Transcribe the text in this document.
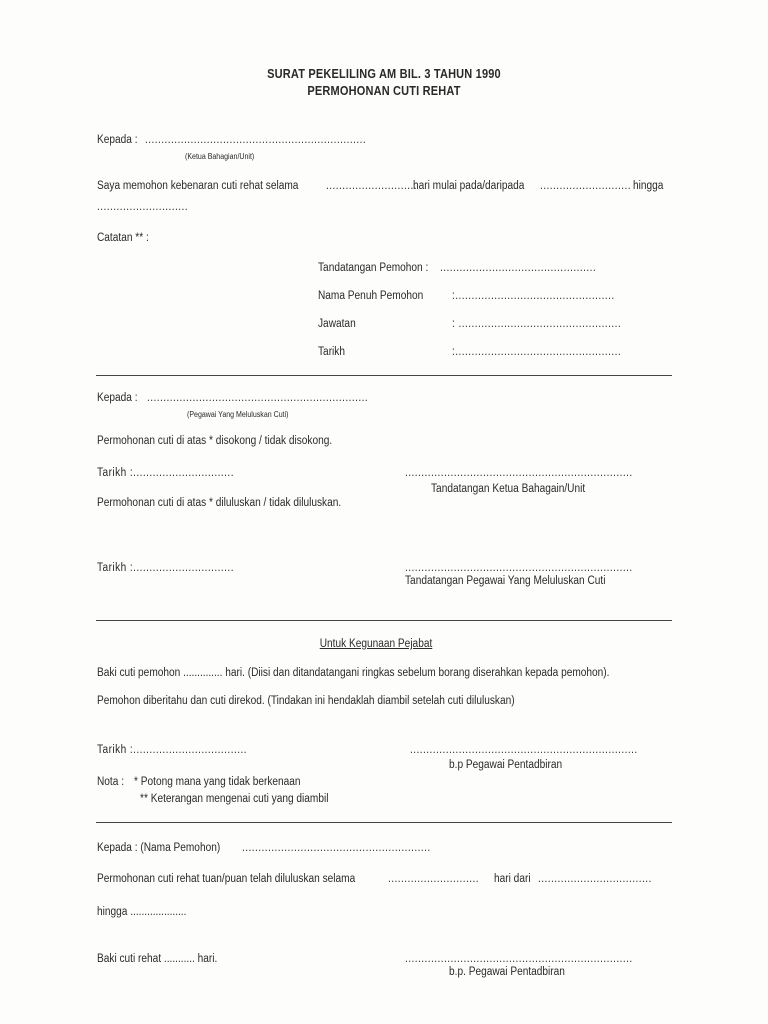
SURAT PEKELILING AM BIL. 3 TAHUN 1990
PERMOHONAN CUTI REHAT
Kepada : ....................................................................
(Ketua Bahagian/Unit)
Saya memohon kebenaran cuti rehat selama ............................
hari mulai pada/daripada ............................ hingga
............................
Catatan ** :
Tandatangan Pemohon : ................................................
Nama Penuh Pemohon	:.................................................
Jawatan	: ..................................................
Tarikh	:...................................................
Kepada : ....................................................................
(Pegawai Yang Meluluskan Cuti)
Permohonan cuti di atas * disokong / tidak disokong.
Tarikh :...............................	......................................................................
Tandatangan Ketua Bahagain/Unit
Permohonan cuti di atas * diluluskan / tidak diluluskan.
Tarikh :...............................	......................................................................
Tandatangan Pegawai Yang Meluluskan Cuti
Untuk Kegunaan Pejabat
Baki cuti pemohon .............. hari. (Diisi dan ditandatangani ringkas sebelum borang diserahkan kepada pemohon).
Pemohon diberitahu dan cuti direkod. (Tindakan ini hendaklah diambil setelah cuti diluluskan)
Tarikh :...................................	......................................................................
b.p Pegawai Pentadbiran
Nota : * Potong mana yang tidak berkenaan
** Keterangan mengenai cuti yang diambil
Kepada : (Nama Pemohon) ..........................................................
Permohonan cuti rehat tuan/puan telah diluluskan selama	............................ hari dari ...................................
hingga ....................
Baki cuti rehat ........... hari.	......................................................................
b.p. Pegawai Pentadbiran
